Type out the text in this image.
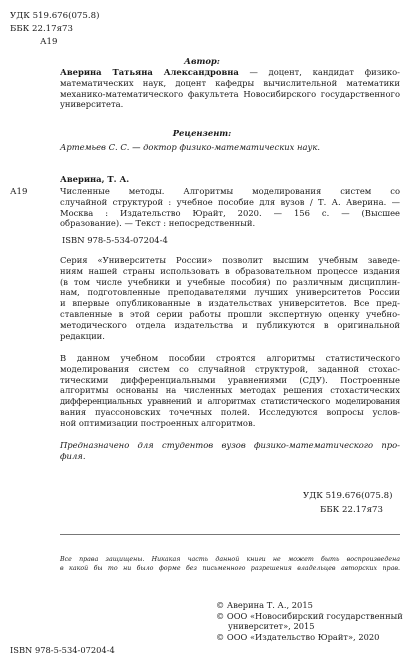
УДК 519.676(075.8)
ББК 22.17я73
А19
Автор:
Аверина Татьяна Александровна — доцент, кандидат физико-
математических наук, доцент кафедры вычислительной математики
механико-математического факультета Новосибирского государственного
университета.
Рецензент:
Артемьев С. С. — доктор физико-математических наук.
Аверина, Т. А.
А19	Численные методы. Алгоритмы моделирования систем со
случайной структурой : учебное пособие для вузов / Т. А. Аверина. —
Москва : Издательство Юрайт, 2020. — 156 с. — (Высшее
образование). — Текст : непосредственный.
ISBN 978-5-534-07204-4
Серия «Университеты России» позволит высшим учебным заведе-
ниям нашей страны использовать в образовательном процессе издания
(в том числе учебники и учебные пособия) по различным дисциплин-
нам, подготовленные преподавателями лучших университетов России
и впервые опубликованные в издательствах университетов. Все пред-
ставленные в этой серии работы прошли экспертную оценку учебно-
методического отдела издательства и публикуются в оригинальной
редакции.
В данном учебном пособии строятся алгоритмы статистического
моделирования систем со случайной структурой, заданной стохас-
тическими дифференциальными уравнениями (СДУ). Построенные
алгоритмы основаны на численных методах решения стохастических
дифференциальных уравнений и алгоритмах статистического моделирования
вания пуассоновских точечных полей. Исследуются вопросы услов-
ной оптимизации построенных алгоритмов.
Предназначено для студентов вузов физико-математического про-
филя.
УДК 519.676(075.8)
ББК 22.17я73
Все права защищены. Никакая часть данной книги не может быть воспроизведена
в какой бы то ни было форме без письменного разрешения владельцев авторских прав.
© Аверина Т. А., 2015
© ООО «Новосибирский государственный
университет», 2015
© ООО «Издательство Юрайт», 2020
ISBN 978-5-534-07204-4
